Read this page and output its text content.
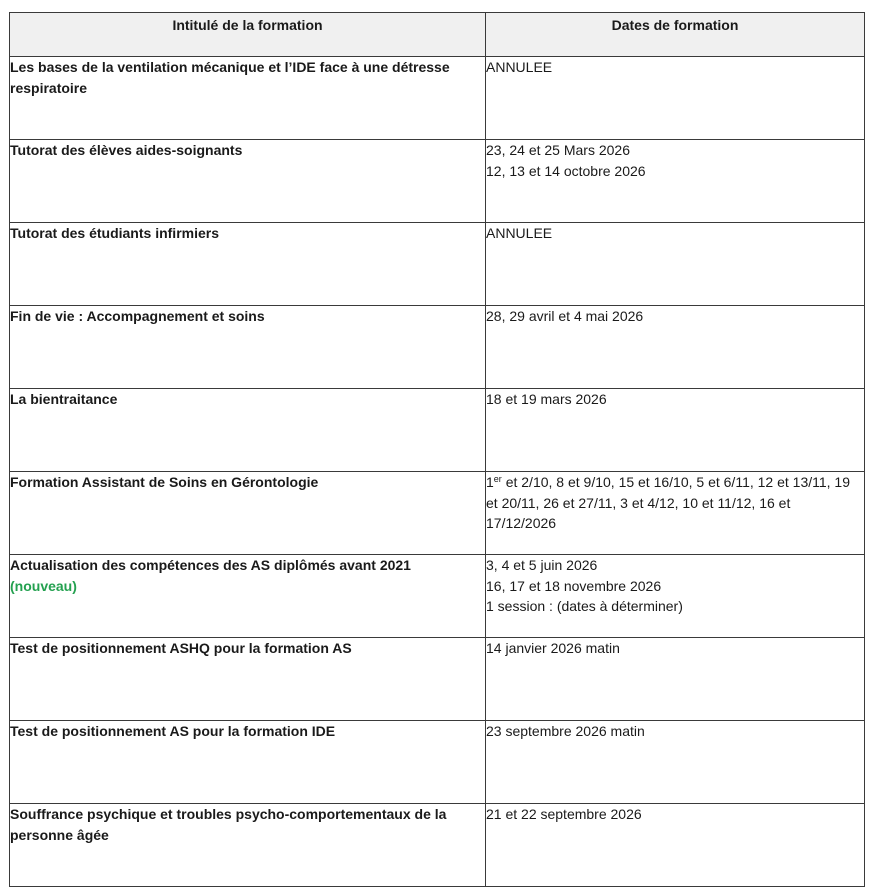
Intitulé de la formation	Dates de formation
Les bases de la ventilation mécanique et l’IDE face à une détresse respiratoire	ANNULEE

Tutorat des élèves aides-soignants	23, 24 et 25 Mars 2026
12, 13 et 14 octobre 2026

Tutorat des étudiants infirmiers	ANNULEE

Fin de vie : Accompagnement et soins	28, 29 avril et 4 mai 2026

La bientraitance	18 et 19 mars 2026

Formation Assistant de Soins en Gérontologie	1er et 2/10, 8 et 9/10, 15 et 16/10, 5 et 6/11, 12 et 13/11, 19 et 20/11, 26 et 27/11, 3 et 4/12, 10 et 11/12, 16 et 17/12/2026

Actualisation des compétences des AS diplômés avant 2021
(nouveau)	3, 4 et 5 juin 2026
16, 17 et 18 novembre 2026
1 session : (dates à déterminer)

Test de positionnement ASHQ pour la formation AS	14 janvier 2026 matin

Test de positionnement AS pour la formation IDE	23 septembre 2026 matin

Souffrance psychique et troubles psycho-comportementaux de la personne âgée	21 et 22 septembre 2026
